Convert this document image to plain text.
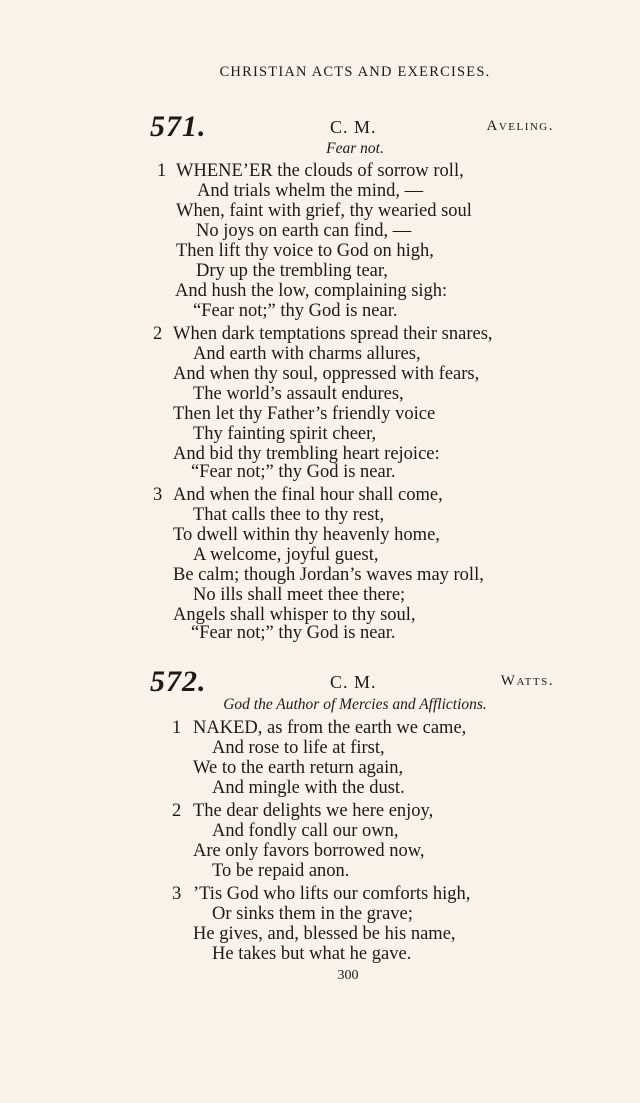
CHRISTIAN ACTS AND EXERCISES.
571.	C. M.	Aveling.
Fear not.
1 WHENE’ER the clouds of sorrow roll,
And trials whelm the mind, —
When, faint with grief, thy wearied soul
No joys on earth can find, —
Then lift thy voice to God on high,
Dry up the trembling tear,
And hush the low, complaining sigh:
“Fear not;” thy God is near.
2 When dark temptations spread their snares,
And earth with charms allures,
And when thy soul, oppressed with fears,
The world’s assault endures,
Then let thy Father’s friendly voice
Thy fainting spirit cheer,
And bid thy trembling heart rejoice:
“Fear not;” thy God is near.
3 And when the final hour shall come,
That calls thee to thy rest,
To dwell within thy heavenly home,
A welcome, joyful guest,
Be calm; though Jordan’s waves may roll,
No ills shall meet thee there;
Angels shall whisper to thy soul,
“Fear not;” thy God is near.
572.	C. M.	Watts.
God the Author of Mercies and Afflictions.
1 NAKED, as from the earth we came,
And rose to life at first,
We to the earth return again,
And mingle with the dust.
2 The dear delights we here enjoy,
And fondly call our own,
Are only favors borrowed now,
To be repaid anon.
3 ’Tis God who lifts our comforts high,
Or sinks them in the grave;
He gives, and, blessed be his name,
He takes but what he gave.
300
